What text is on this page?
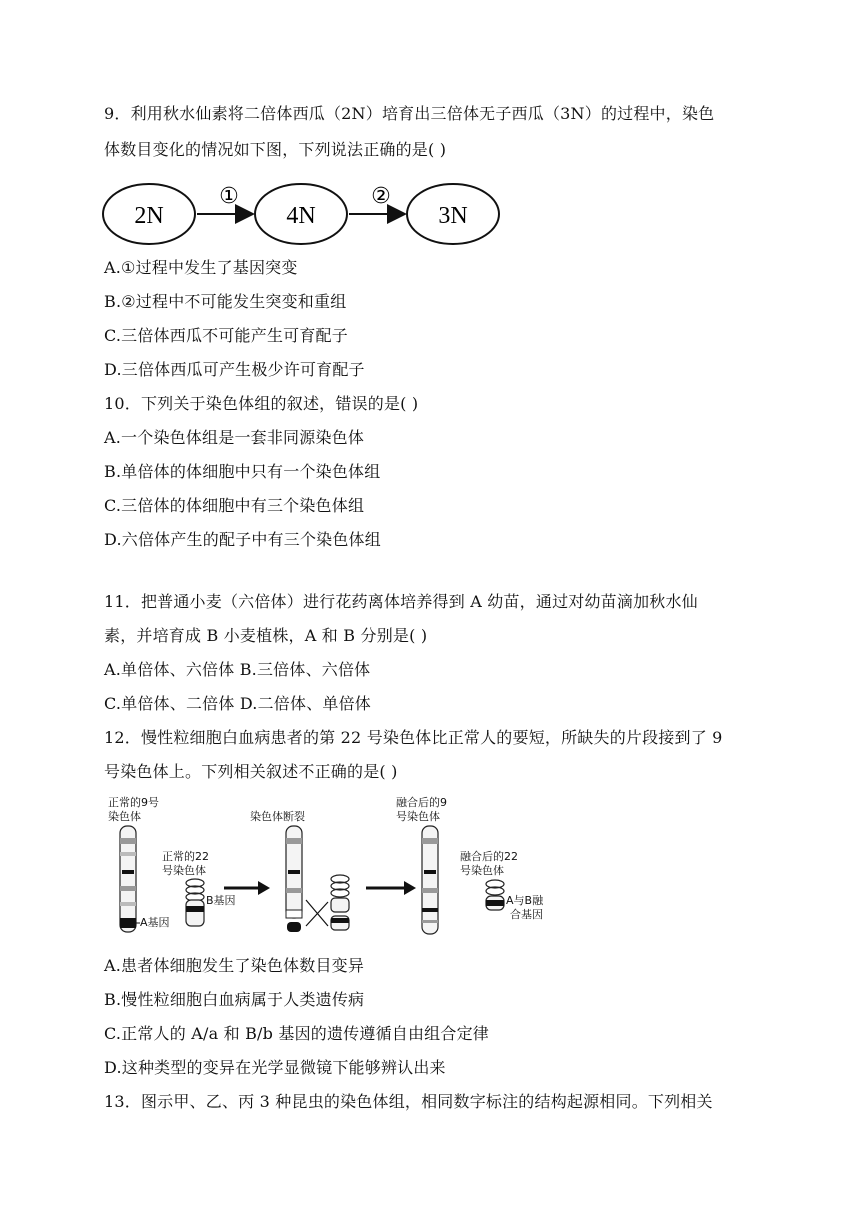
9．利用秋水仙素将二倍体西瓜（2N）培育出三倍体无子西瓜（3N）的过程中，染色
体数目变化的情况如下图，下列说法正确的是( )
2N
①
4N
②
3N
A.①过程中发生了基因突变
B.②过程中不可能发生突变和重组
C.三倍体西瓜不可能产生可育配子
D.三倍体西瓜可产生极少许可育配子
10．下列关于染色体组的叙述，错误的是( )
A.一个染色体组是一套非同源染色体
B.单倍体的体细胞中只有一个染色体组
C.三倍体的体细胞中有三个染色体组
D.六倍体产生的配子中有三个染色体组
11．把普通小麦（六倍体）进行花药离体培养得到 A 幼苗，通过对幼苗滴加秋水仙
素，并培育成 B 小麦植株，A 和 B 分别是( )
A.单倍体、六倍体 B.三倍体、六倍体
C.单倍体、二倍体 D.二倍体、单倍体
12．慢性粒细胞白血病患者的第 22 号染色体比正常人的要短，所缺失的片段接到了 9
号染色体上。下列相关叙述不正确的是( )
正常的9号
染色体
A基因
正常的22
号染色体
B基因
染色体断裂
融合后的9
号染色体
融合后的22
号染色体
A与B融
合基因
A.患者体细胞发生了染色体数目变异
B.慢性粒细胞白血病属于人类遗传病
C.正常人的 A/a 和 B/b 基因的遗传遵循自由组合定律
D.这种类型的变异在光学显微镜下能够辨认出来
13．图示甲、乙、丙 3 种昆虫的染色体组，相同数字标注的结构起源相同。下列相关
